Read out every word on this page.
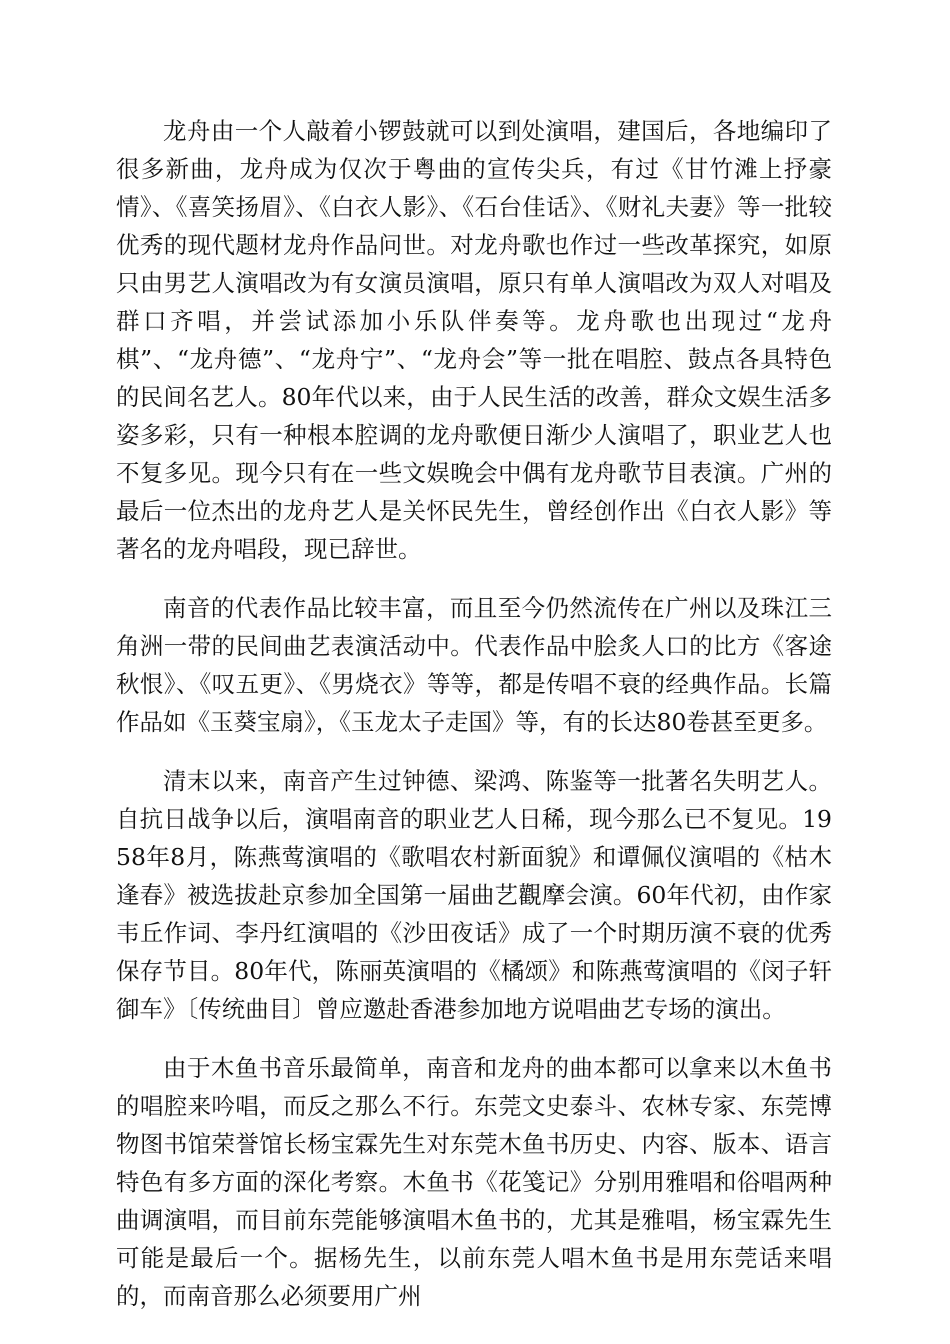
龙舟由一个人敲着小锣鼓就可以到处演唱，建国后，各地编印了很多新曲，龙舟成为仅次于粤曲的宣传尖兵，有过《甘竹滩上抒豪情》、《喜笑扬眉》、《白衣人影》、《石台佳话》、《财礼夫妻》等一批较优秀的现代题材龙舟作品问世。对龙舟歌也作过一些改革探究，如原只由男艺人演唱改为有女演员演唱，原只有单人演唱改为双人对唱及群口齐唱，并尝试添加小乐队伴奏等。龙舟歌也出现过“龙舟棋”、“龙舟德”、“龙舟宁”、“龙舟会”等一批在唱腔、鼓点各具特色的民间名艺人。80年代以来，由于人民生活的改善，群众文娱生活多姿多彩，只有一种根本腔调的龙舟歌便日渐少人演唱了，职业艺人也不复多见。现今只有在一些文娱晚会中偶有龙舟歌节目表演。广州的最后一位杰出的龙舟艺人是关怀民先生，曾经创作出《白衣人影》等著名的龙舟唱段，现已辞世。

南音的代表作品比较丰富，而且至今仍然流传在广州以及珠江三角洲一带的民间曲艺表演活动中。代表作品中脍炙人口的比方《客途秋恨》、《叹五更》、《男烧衣》等等，都是传唱不衰的经典作品。长篇作品如《玉葵宝扇》，《玉龙太子走国》等，有的长达80卷甚至更多。

清末以来，南音产生过钟德、梁鸿、陈鉴等一批著名失明艺人。自抗日战争以后，演唱南音的职业艺人日稀，现今那么已不复见。1958年8月，陈燕莺演唱的《歌唱农村新面貌》和谭佩仪演唱的《枯木逢春》被选拔赴京参加全国第一届曲艺觀摩会演。60年代初，由作家韦丘作词、李丹红演唱的《沙田夜话》成了一个时期历演不衰的优秀保存节目。80年代，陈丽英演唱的《橘颂》和陈燕莺演唱的《闵子轩御车》〔传统曲目〕曾应邀赴香港参加地方说唱曲艺专场的演出。

由于木鱼书音乐最简单，南音和龙舟的曲本都可以拿来以木鱼书的唱腔来吟唱，而反之那么不行。东莞文史泰斗、农林专家、东莞博物图书馆荣誉馆长杨宝霖先生对东莞木鱼书历史、内容、版本、语言特色有多方面的深化考察。木鱼书《花笺记》分别用雅唱和俗唱两种曲调演唱，而目前东莞能够演唱木鱼书的，尤其是雅唱，杨宝霖先生可能是最后一个。据杨先生，以前东莞人唱木鱼书是用东莞话来唱的，而南音那么必须要用广州
